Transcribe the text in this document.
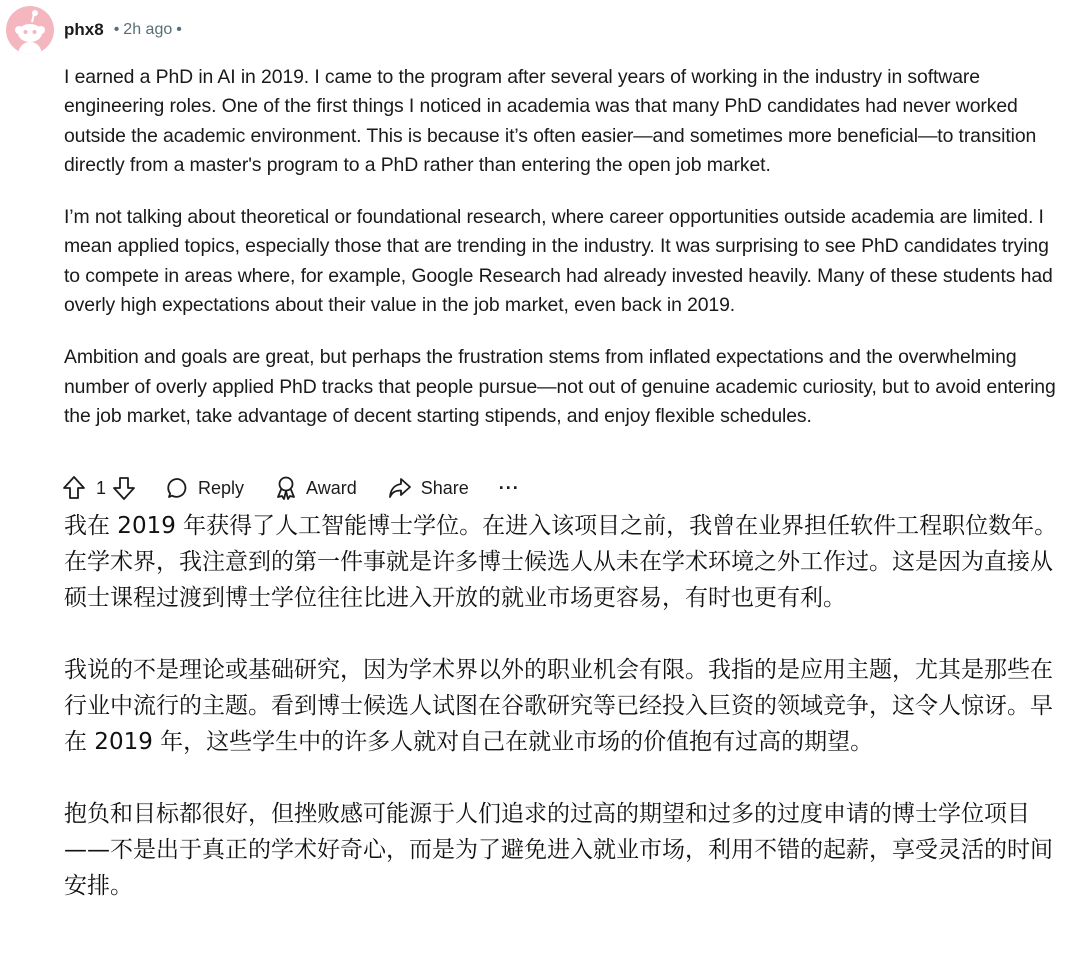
phx8 • 2h ago •

I earned a PhD in AI in 2019. I came to the program after several years of working in the industry in software engineering roles. One of the first things I noticed in academia was that many PhD candidates had never worked outside the academic environment. This is because it’s often easier—and sometimes more beneficial—to transition directly from a master's program to a PhD rather than entering the open job market.

I’m not talking about theoretical or foundational research, where career opportunities outside academia are limited. I mean applied topics, especially those that are trending in the industry. It was surprising to see PhD candidates trying to compete in areas where, for example, Google Research had already invested heavily. Many of these students had overly high expectations about their value in the job market, even back in 2019.

Ambition and goals are great, but perhaps the frustration stems from inflated expectations and the overwhelming number of overly applied PhD tracks that people pursue—not out of genuine academic curiosity, but to avoid entering the job market, take advantage of decent starting stipends, and enjoy flexible schedules.

1	Reply	Award	Share ···

我在 2019 年获得了人工智能博士学位。在进入该项目之前，我曾在业界担任软件工程职位数年。在学术界，我注意到的第一件事就是许多博士候选人从未在学术环境之外工作过。这是因为直接从硕士课程过渡到博士学位往往比进入开放的就业市场更容易，有时也更有利。

我说的不是理论或基础研究，因为学术界以外的职业机会有限。我指的是应用主题，尤其是那些在行业中流行的主题。看到博士候选人试图在谷歌研究等已经投入巨资的领域竞争，这令人惊讶。早在 2019 年，这些学生中的许多人就对自己在就业市场的价值抱有过高的期望。

抱负和目标都很好，但挫败感可能源于人们追求的过高的期望和过多的过度申请的博士学位项目——不是出于真正的学术好奇心，而是为了避免进入就业市场，利用不错的起薪，享受灵活的时间安排。
